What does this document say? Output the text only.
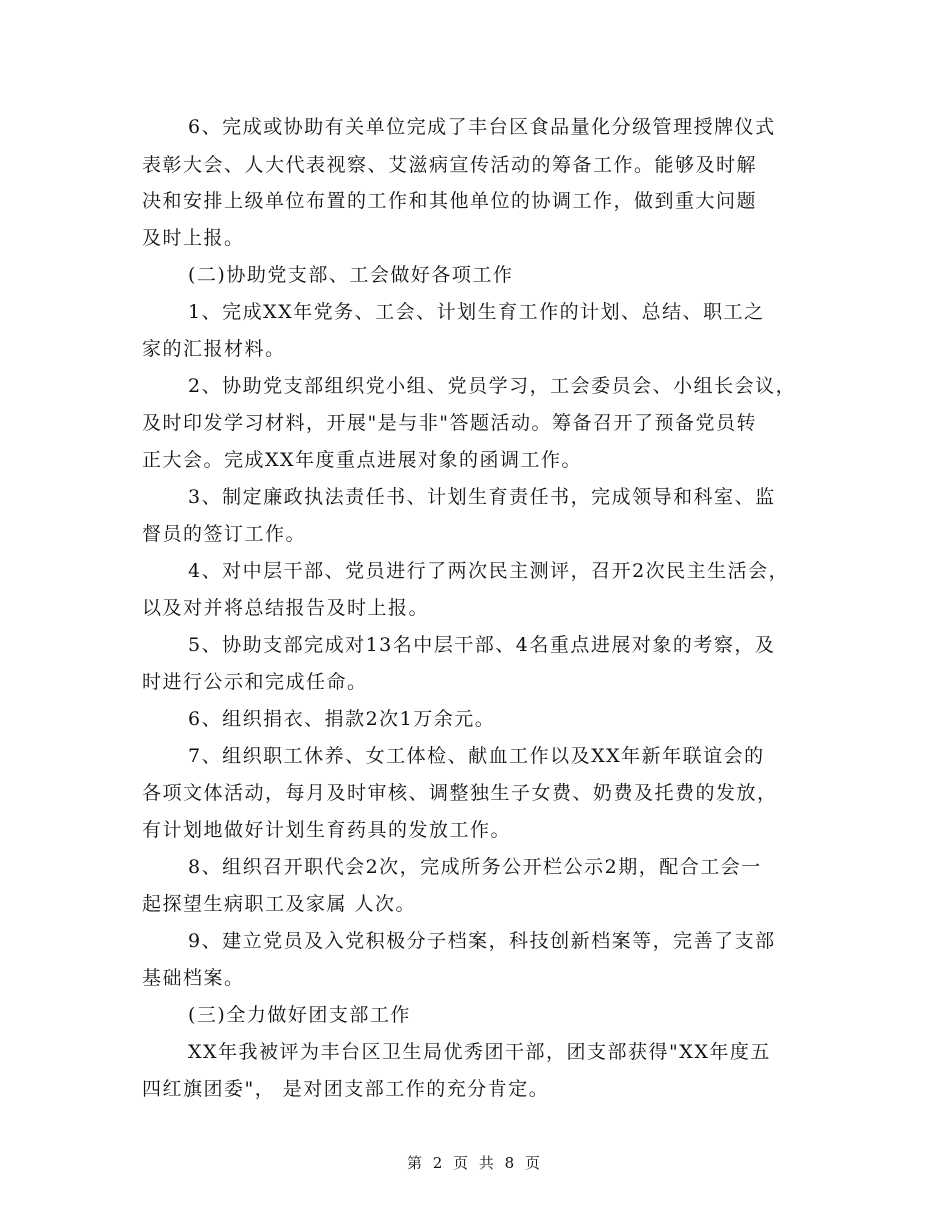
6、完成或协助有关单位完成了丰台区食品量化分级管理授牌仪式
表彰大会、人大代表视察、艾滋病宣传活动的筹备工作。能够及时解
决和安排上级单位布置的工作和其他单位的协调工作，做到重大问题
及时上报。
(二)协助党支部、工会做好各项工作
1、完成XX年党务、工会、计划生育工作的计划、总结、职工之
家的汇报材料。
2、协助党支部组织党小组、党员学习，工会委员会、小组长会议，
及时印发学习材料，开展"是与非"答题活动。筹备召开了预备党员转
正大会。完成XX年度重点进展对象的函调工作。
3、制定廉政执法责任书、计划生育责任书，完成领导和科室、监
督员的签订工作。
4、对中层干部、党员进行了两次民主测评，召开2次民主生活会，
以及对并将总结报告及时上报。
5、协助支部完成对13名中层干部、4名重点进展对象的考察，及
时进行公示和完成任命。
6、组织捐衣、捐款2次1万余元。
7、组织职工休养、女工体检、献血工作以及XX年新年联谊会的
各项文体活动，每月及时审核、调整独生子女费、奶费及托费的发放，
有计划地做好计划生育药具的发放工作。
8、组织召开职代会2次，完成所务公开栏公示2期，配合工会一
起探望生病职工及家属 人次。
9、建立党员及入党积极分子档案，科技创新档案等，完善了支部
基础档案。
(三)全力做好团支部工作
XX年我被评为丰台区卫生局优秀团干部，团支部获得"XX年度五
四红旗团委"， 是对团支部工作的充分肯定。
第 2 页 共 8 页
